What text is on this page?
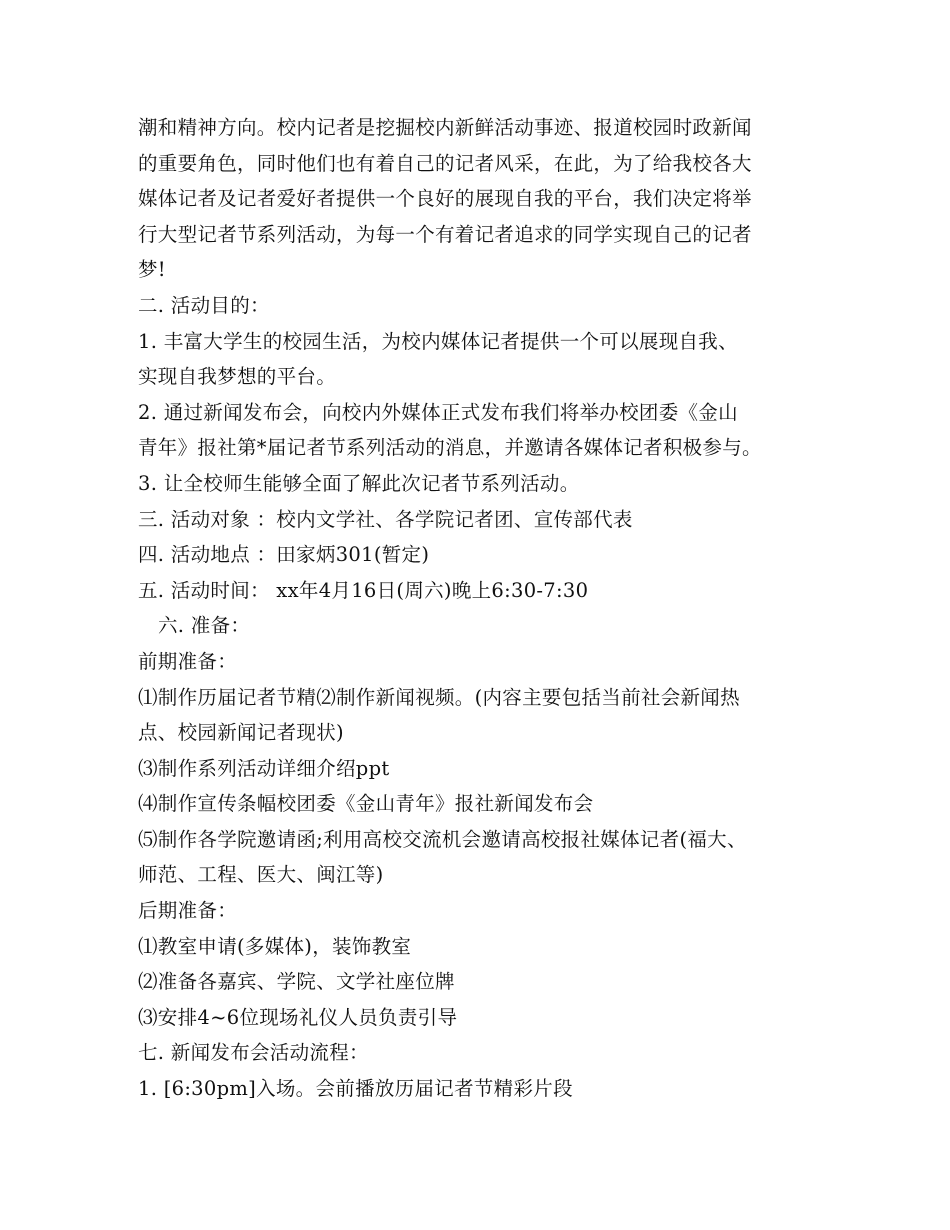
潮和精神方向。校内记者是挖掘校内新鲜活动事迹、报道校园时政新闻
的重要角色，同时他们也有着自己的记者风采，在此，为了给我校各大
媒体记者及记者爱好者提供一个良好的展现自我的平台，我们决定将举
行大型记者节系列活动，为每一个有着记者追求的同学实现自己的记者
梦!
二. 活动目的：
1. 丰富大学生的校园生活，为校内媒体记者提供一个可以展现自我、
实现自我梦想的平台。
2. 通过新闻发布会，向校内外媒体正式发布我们将举办校团委《金山
青年》报社第*届记者节系列活动的消息，并邀请各媒体记者积极参与。
3. 让全校师生能够全面了解此次记者节系列活动。
三. 活动对象 ：校内文学社、各学院记者团、宣传部代表
四. 活动地点 ：田家炳301(暂定)
五. 活动时间： xx年4月16日(周六)晚上6:30-7:30
六. 准备：
前期准备：
⑴制作历届记者节精⑵制作新闻视频。(内容主要包括当前社会新闻热
点、校园新闻记者现状)
⑶制作系列活动详细介绍ppt
⑷制作宣传条幅校团委《金山青年》报社新闻发布会
⑸制作各学院邀请函;利用高校交流机会邀请高校报社媒体记者(福大、
师范、工程、医大、闽江等)
后期准备：
⑴教室申请(多媒体)，装饰教室
⑵准备各嘉宾、学院、文学社座位牌
⑶安排4~6位现场礼仪人员负责引导
七. 新闻发布会活动流程：
1. [6:30pm]入场。会前播放历届记者节精彩片段
